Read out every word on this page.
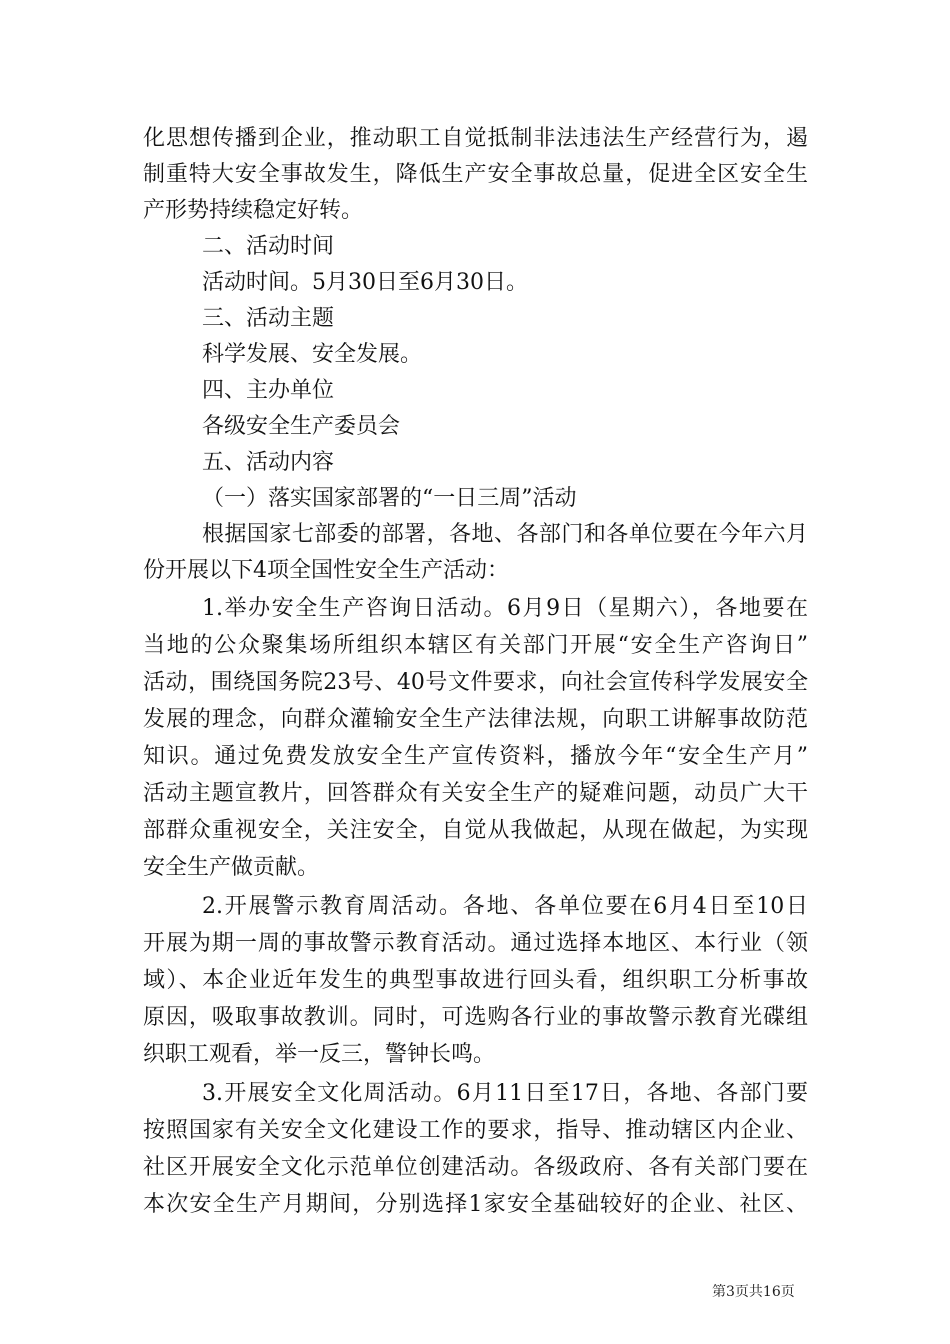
化思想传播到企业，推动职工自觉抵制非法违法生产经营行为，遏
制重特大安全事故发生，降低生产安全事故总量，促进全区安全生
产形势持续稳定好转。
二、活动时间
活动时间。5月30日至6月30日。
三、活动主题
科学发展、安全发展。
四、主办单位
各级安全生产委员会
五、活动内容
（一）落实国家部署的“一日三周”活动
根据国家七部委的部署，各地、各部门和各单位要在今年六月
份开展以下4项全国性安全生产活动：
1.举办安全生产咨询日活动。6月9日（星期六），各地要在
当地的公众聚集场所组织本辖区有关部门开展“安全生产咨询日”
活动，围绕国务院23号、40号文件要求，向社会宣传科学发展安全
发展的理念，向群众灌输安全生产法律法规，向职工讲解事故防范
知识。通过免费发放安全生产宣传资料，播放今年“安全生产月”
活动主题宣教片，回答群众有关安全生产的疑难问题，动员广大干
部群众重视安全，关注安全，自觉从我做起，从现在做起，为实现
安全生产做贡献。
2.开展警示教育周活动。各地、各单位要在6月4日至10日
开展为期一周的事故警示教育活动。通过选择本地区、本行业（领
域）、本企业近年发生的典型事故进行回头看，组织职工分析事故
原因，吸取事故教训。同时，可选购各行业的事故警示教育光碟组
织职工观看，举一反三，警钟长鸣。
3.开展安全文化周活动。6月11日至17日，各地、各部门要
按照国家有关安全文化建设工作的要求，指导、推动辖区内企业、
社区开展安全文化示范单位创建活动。各级政府、各有关部门要在
本次安全生产月期间，分别选择1家安全基础较好的企业、社区、
第3页共16页
